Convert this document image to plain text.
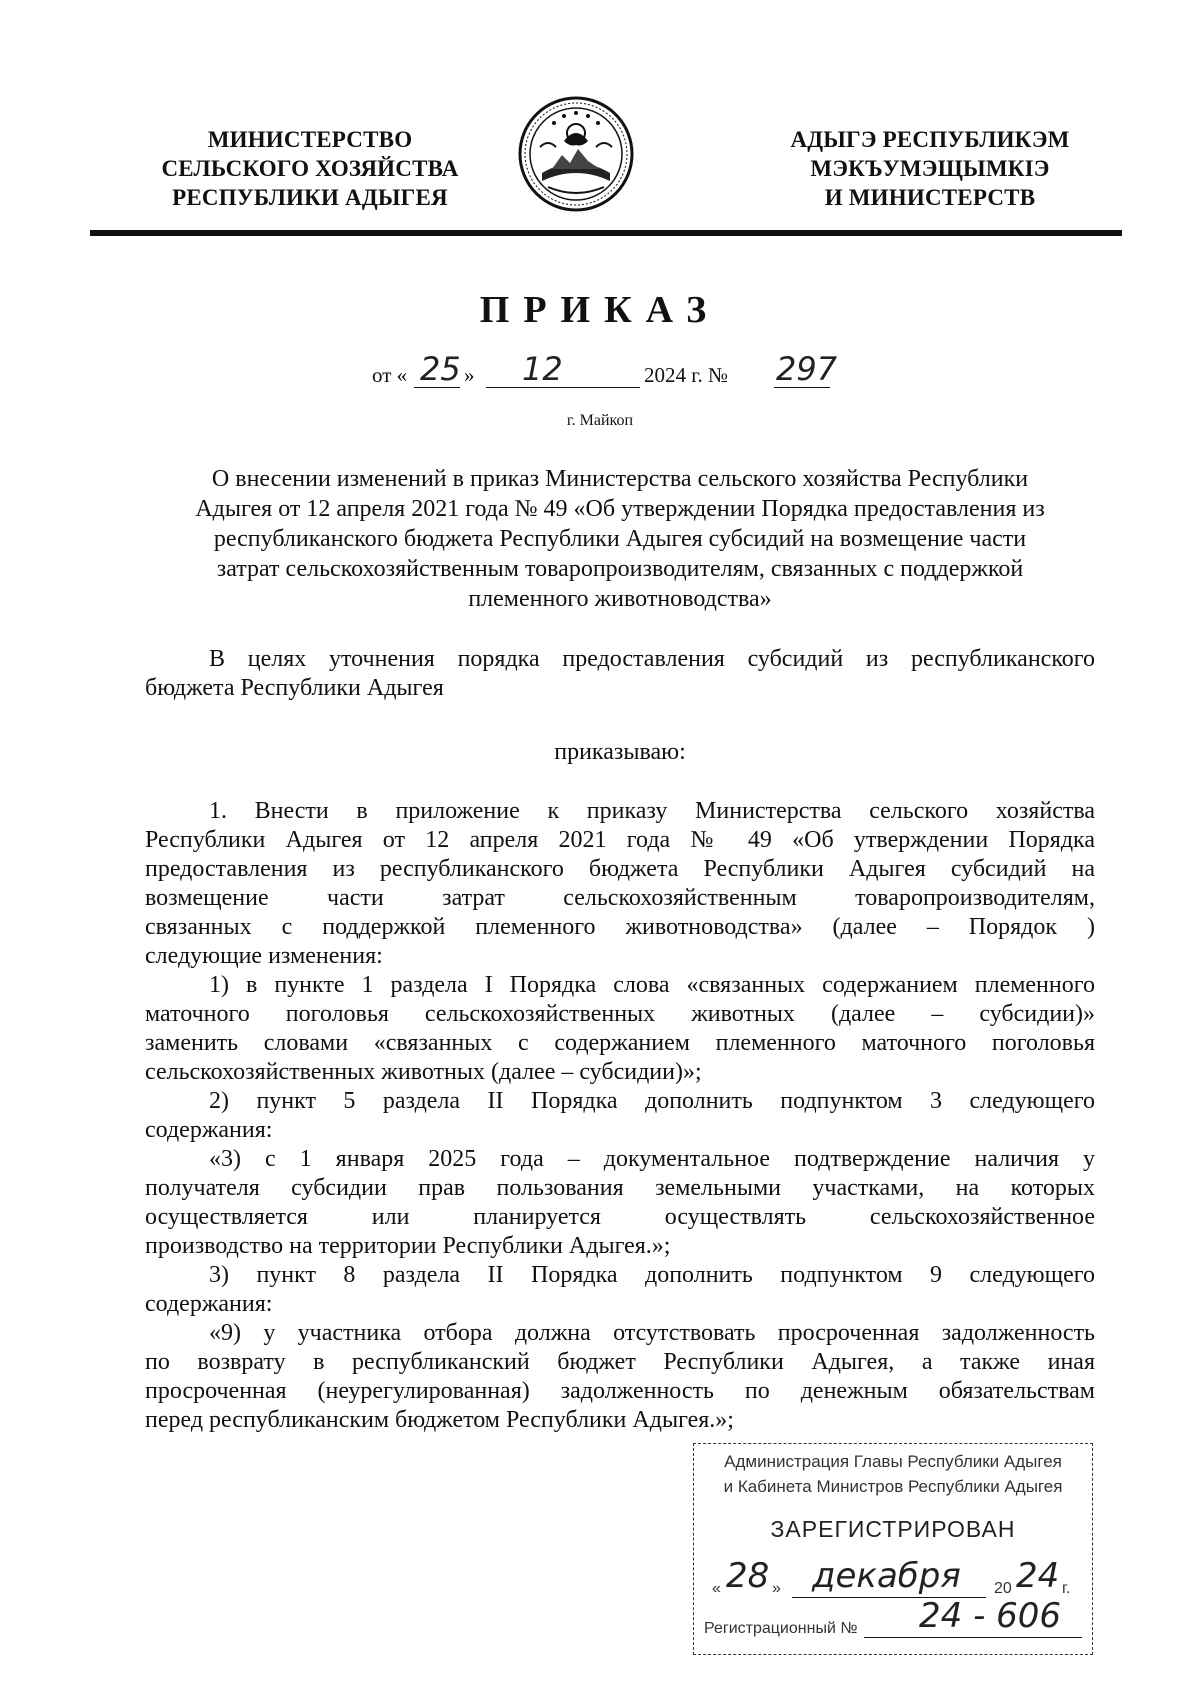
МИНИСТЕРСТВО
СЕЛЬСКОГО ХОЗЯЙСТВА
РЕСПУБЛИКИ АДЫГЕЯ
АДЫГЭ РЕСПУБЛИКЭМ
МЭКЪУМЭЩЫМКIЭ
И МИНИСТЕРСТВ
ПРИКАЗ
от « 25 » 12	2024 г. № 297
г. Майкоп
О внесении изменений в приказ Министерства сельского хозяйства Республики
Адыгея от 12 апреля 2021 года № 49 «Об утверждении Порядка предоставления из
республиканского бюджета Республики Адыгея субсидий на возмещение части
затрат сельскохозяйственным товаропроизводителям, связанных с поддержкой
племенного животноводства»
В целях уточнения порядка предоставления субсидий из республиканского
бюджета Республики Адыгея
приказываю:
1. Внести в приложение к приказу Министерства сельского хозяйства
Республики Адыгея от 12 апреля 2021 года № 49 «Об утверждении Порядка
предоставления из республиканского бюджета Республики Адыгея субсидий на
возмещение части затрат сельскохозяйственным товаропроизводителям,
связанных с поддержкой племенного животноводства» (далее – Порядок )
следующие изменения:
1) в пункте 1 раздела I Порядка слова «связанных содержанием племенного
маточного поголовья сельскохозяйственных животных (далее – субсидии)»
заменить словами «связанных с содержанием племенного маточного поголовья
сельскохозяйственных животных (далее – субсидии)»;
2) пункт 5 раздела II Порядка дополнить подпунктом 3 следующего
содержания:
«3) с 1 января 2025 года – документальное подтверждение наличия у
получателя субсидии прав пользования земельными участками, на которых
осуществляется или планируется осуществлять сельскохозяйственное
производство на территории Республики Адыгея.»;
3) пункт 8 раздела II Порядка дополнить подпунктом 9 следующего
содержания:
«9) у участника отбора должна отсутствовать просроченная задолженность
по возврату в республиканский бюджет Республики Адыгея, а также иная
просроченная (неурегулированная) задолженность по денежным обязательствам
перед республиканским бюджетом Республики Адыгея.»;
Администрация Главы Республики Адыгея
и Кабинета Министров Республики Адыгея
ЗАРЕГИСТРИРОВАН
« 28 » декабря 20 24 г.
Регистрационный № 24 - 606
